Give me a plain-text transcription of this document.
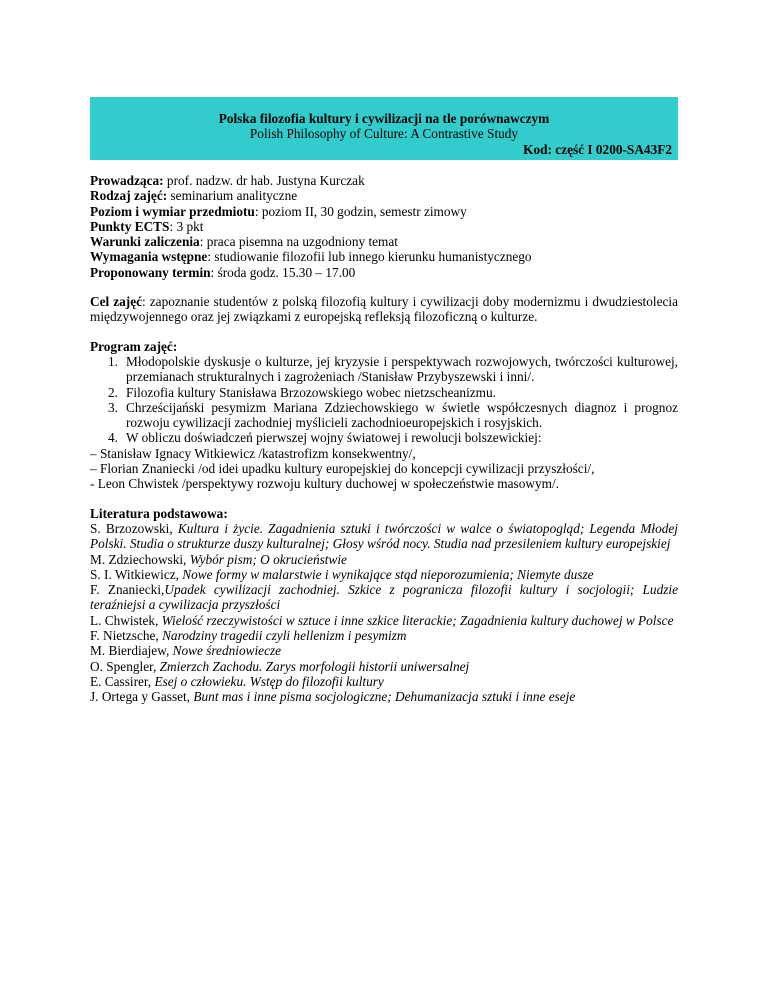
Polska filozofia kultury i cywilizacji na tle porównawczym
Polish Philosophy of Culture: A Contrastive Study
Kod: część I 0200-SA43F2
Prowadząca: prof. nadzw. dr hab. Justyna Kurczak
Rodzaj zajęć: seminarium analityczne
Poziom i wymiar przedmiotu: poziom II, 30 godzin, semestr zimowy
Punkty ECTS: 3 pkt
Warunki zaliczenia: praca pisemna na uzgodniony temat
Wymagania wstępne: studiowanie filozofii lub innego kierunku humanistycznego
Proponowany termin: środa godz. 15.30 – 17.00

Cel zajęć: zapoznanie studentów z polską filozofią kultury i cywilizacji doby modernizmu i dwudziestolecia międzywojennego oraz jej związkami z europejską refleksją filozoficzną o kulturze.

Program zajęć:
1. Młodopolskie dyskusje o kulturze, jej kryzysie i perspektywach rozwojowych, twórczości kulturowej, przemianach strukturalnych i zagrożeniach /Stanisław Przybyszewski i inni/.
2. Filozofia kultury Stanisława Brzozowskiego wobec nietzscheanizmu.
3. Chrześcijański pesymizm Mariana Zdziechowskiego w świetle współczesnych diagnoz i prognoz rozwoju cywilizacji zachodniej myślicieli zachodnioeuropejskich i rosyjskich.
4. W obliczu doświadczeń pierwszej wojny światowej i rewolucji bolszewickiej:
– Stanisław Ignacy Witkiewicz /katastrofizm konsekwentny/,
– Florian Znaniecki /od idei upadku kultury europejskiej do koncepcji cywilizacji przyszłości/,
- Leon Chwistek /perspektywy rozwoju kultury duchowej w społeczeństwie masowym/.
Literatura podstawowa:
S. Brzozowski, Kultura i życie. Zagadnienia sztuki i twórczości w walce o światopogląd; Legenda Młodej Polski. Studia o strukturze duszy kulturalnej; Głosy wśród nocy. Studia nad przesileniem kultury europejskiej
M. Zdziechowski, Wybór pism; O okrucieństwie
S. I. Witkiewicz, Nowe formy w malarstwie i wynikające stąd nieporozumienia; Niemyte dusze
F. Znaniecki,Upadek cywilizacji zachodniej. Szkice z pogranicza filozofii kultury i socjologii; Ludzie teraźniejsi a cywilizacja przyszłości
L. Chwistek, Wielość rzeczywistości w sztuce i inne szkice literackie; Zagadnienia kultury duchowej w Polsce
F. Nietzsche, Narodziny tragedii czyli hellenizm i pesymizm
M. Bierdiajew, Nowe średniowiecze
O. Spengler, Zmierzch Zachodu. Zarys morfologii historii uniwersalnej
E. Cassirer, Esej o człowieku. Wstęp do filozofii kultury
J. Ortega y Gasset, Bunt mas i inne pisma socjologiczne; Dehumanizacja sztuki i inne eseje
